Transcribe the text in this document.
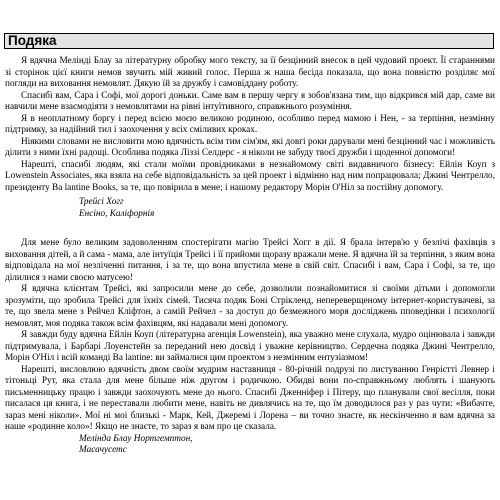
Подяка

Я вдячна Меліндi Блау за лiтературну обробку мого тексту, за її безцiнний внесок в цей чудовий проект. Її стараннями зi сторiнок цiєї книги немов звучить мiй живий голос. Перша ж наша бесiда показала, що вона повнiстю роздiляє мої погляди на виховання немовлят. Дякую їй за дружбу i самовiддану роботу.

Спасибi вам, Сара i Софi, мої дорогi доньки. Саме вам в першу чергу я зобов'язана тим, що вiдкрився мiй дар, саме ви навчили мене взаємодiяти з немовлятами на рiвнi iнтуїтивного, справжнього розумiння.

Я в неоплатному боргу i перед всiєю моєю великою родиною, особливо перед мамою i Нен, - за терпiння, незмiнну пiдтримку, за надiйний тил i заохочення у всiх смiливих кроках.

Нiякими словами не висловити мою вдячнiсть всiм тим сiм'ям, якi довгi роки дарували менi безцiнний час i можливiсть дiлити з ними їхнi радощi. Особлива подяка Лiззi Селдерс - я нiколи не забуду твоєї дружби i щоденної допомоги!

Нарештi, спасибi людям, якi стали моїми провiдниками в незнайомому свiтi видавничого бiзнесу: Ейлiн Коуп з Lowenstein Associates, яка взяла на себе вiдповiдальнiсть за цей проект i вiдмiнно над ним попрацювала; Джинi Чентрелло, президенту Ва lantine Books, за те, що повiрила в мене; i нашому редактору Морiн О'Нiл за постiйну допомогу.

Трейсi Хогг

Енсiно, Калiфорнiя

Для мене було великим задоволенням спостерiгати магiю Трейсi Хогг в дiї. Я брала iнтерв'ю у безлiчi фахiвцiв з виховання дiтей, а й сама - мама, але iнтуїцiя Трейсi i її прийоми щоразу вражали мене. Я вдячна їй за терпiння, з яким вона вiдповiдала на мої незлiченнi питання, i за те, що вона впустила мене в свiй свiт. Спасибi i вам, Сара i Софi, за те, що дiлилися з нами своєю матусею!

Я вдячна клiєнтам Трейсi, якi запросили мене до себе, дозволили познайомитися зi своїми дiтьми i допомогли зрозумiти, що зробила Трейсi для їхнiх сiмей. Тисяча подяк Бонi Стрiкленд, непереверщеному iнтернет-користувачеві, за те, що звела мене з Рейчел Клiфтон, а самiй Рейчел - за доступ до безмежного моря дослiджень пповедiнки i психологiї немовлят, моя подяка також всiм фахiвцям, якi надавали менi допомогу.

Я завжди буду вдячна Ейлiн Коуп (лiтературна агенцiя Lowenstein), яка уважно мене слухала, мудро оцiнювала i завжди пiдтримувала, i Барбарi Лоуенстейн за переданий нею досвiд i уважне керiвництво. Сердечна подяка Джинi Чентрелло, Морiн О'Нiл i всiй командi Ва lantine: ви займалися цим проектом з незмiнним ентузiазмом!

Нарештi, висловлюю вдячнiсть двом своїм мудрим наставниця - 80-рiчнiй подрузi по листуванню Генрiєттi Левнер i тiтоньцi Рут, яка стала для мене бiльше нiж другом i родичкою. Обидвi вони по-справжньому люблять i шанують письменницьку працю i завжди заохочують мене до нього. Спасибi Дженнiфер i Пiтеру, що планували свої весiлля, поки писалася ця книга, i не переставали любити мене, навiть не дивлячись на те, що їм доводилося раз у раз чути: «Вибачте, зараз менi нiколи». Мої нi моi близькi - Марк, Кей, Джеремi i Лорена – ви точно знаєте, як нескiнченно я вам вдячна за наше «родинне коло»! Якщо не знаєте, то зараз я вам про це сказала.

Мелiнда Блау Нортгемптон,

Масачусетс
